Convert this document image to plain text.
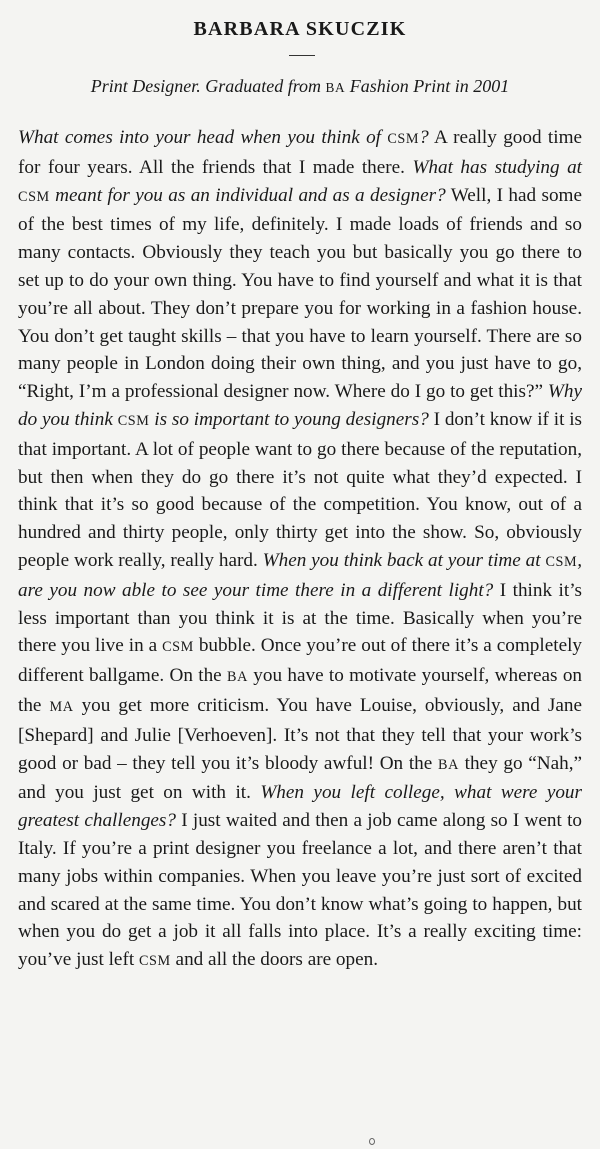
BARBARA SKUCZIK
Print Designer. Graduated from BA Fashion Print in 2001
What comes into your head when you think of CSM? A really good time for four years. All the friends that I made there. What has studying at CSM meant for you as an individual and as a designer? Well, I had some of the best times of my life, definitely. I made loads of friends and so many contacts. Obviously they teach you but basically you go there to set up to do your own thing. You have to find yourself and what it is that you’re all about. They don’t prepare you for working in a fashion house. You don’t get taught skills – that you have to learn yourself. There are so many people in London doing their own thing, and you just have to go, “Right, I’m a professional designer now. Where do I go to get this?” Why do you think CSM is so important to young designers? I don’t know if it is that important. A lot of people want to go there because of the reputation, but then when they do go there it’s not quite what they’d expected. I think that it’s so good because of the competition. You know, out of a hundred and thirty people, only thirty get into the show. So, obviously people work really, really hard. When you think back at your time at CSM, are you now able to see your time there in a different light? I think it’s less important than you think it is at the time. Basically when you’re there you live in a CSM bubble. Once you’re out of there it’s a completely different ballgame. On the BA you have to motivate yourself, whereas on the MA you get more criticism. You have Louise, obviously, and Jane [Shepard] and Julie [Verhoeven]. It’s not that they tell that your work’s good or bad – they tell you it’s bloody awful! On the BA they go “Nah,” and you just get on with it. When you left college, what were your greatest challenges? I just waited and then a job came along so I went to Italy. If you’re a print designer you freelance a lot, and there aren’t that many jobs within companies. When you leave you’re just sort of excited and scared at the same time. You don’t know what’s going to happen, but when you do get a job it all falls into place. It’s a really exciting time: you’ve just left CSM and all the doors are open.
